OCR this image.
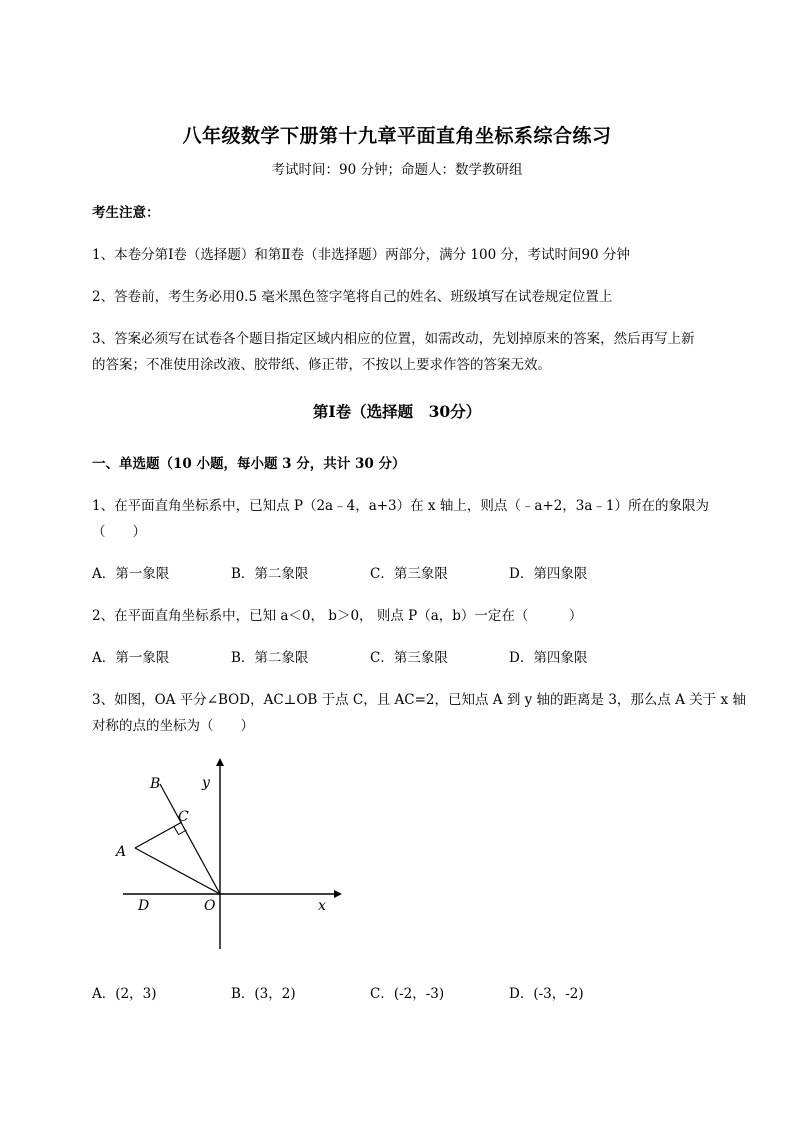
八年级数学下册第十九章平面直角坐标系综合练习
考试时间：90 分钟；命题人：数学教研组
考生注意：
1、本卷分第Ⅰ卷（选择题）和第Ⅱ卷（非选择题）两部分，满分 100 分，考试时间90 分钟
2、答卷前，考生务必用0.5 毫米黑色签字笔将自己的姓名、班级填写在试卷规定位置上
3、答案必须写在试卷各个题目指定区域内相应的位置，如需改动，先划掉原来的答案，然后再写上新
的答案；不准使用涂改液、胶带纸、修正带，不按以上要求作答的答案无效。
第Ⅰ卷（选择题　30分）
一、单选题（10 小题，每小题 3 分，共计 30 分）
1、在平面直角坐标系中，已知点 P（2a﹣4，a+3）在 x 轴上，则点（﹣a+2，3a﹣1）所在的象限为
（　　）
A．第一象限	B．第二象限	C．第三象限	D．第四象限
2、在平面直角坐标系中，已知 a＜0， b＞0， 则点 P（a，b）一定在（　　　）
A．第一象限	B．第二象限	C．第三象限	D．第四象限
3、如图，OA 平分∠BOD，AC⊥OB 于点 C，且 AC=2，已知点 A 到 y 轴的距离是 3，那么点 A 关于 x 轴
对称的点的坐标为（　　）
B
C
A
D	O	x
y
A．(2，3)	B．(3，2)	C．(-2，-3)	D．(-3，-2)
